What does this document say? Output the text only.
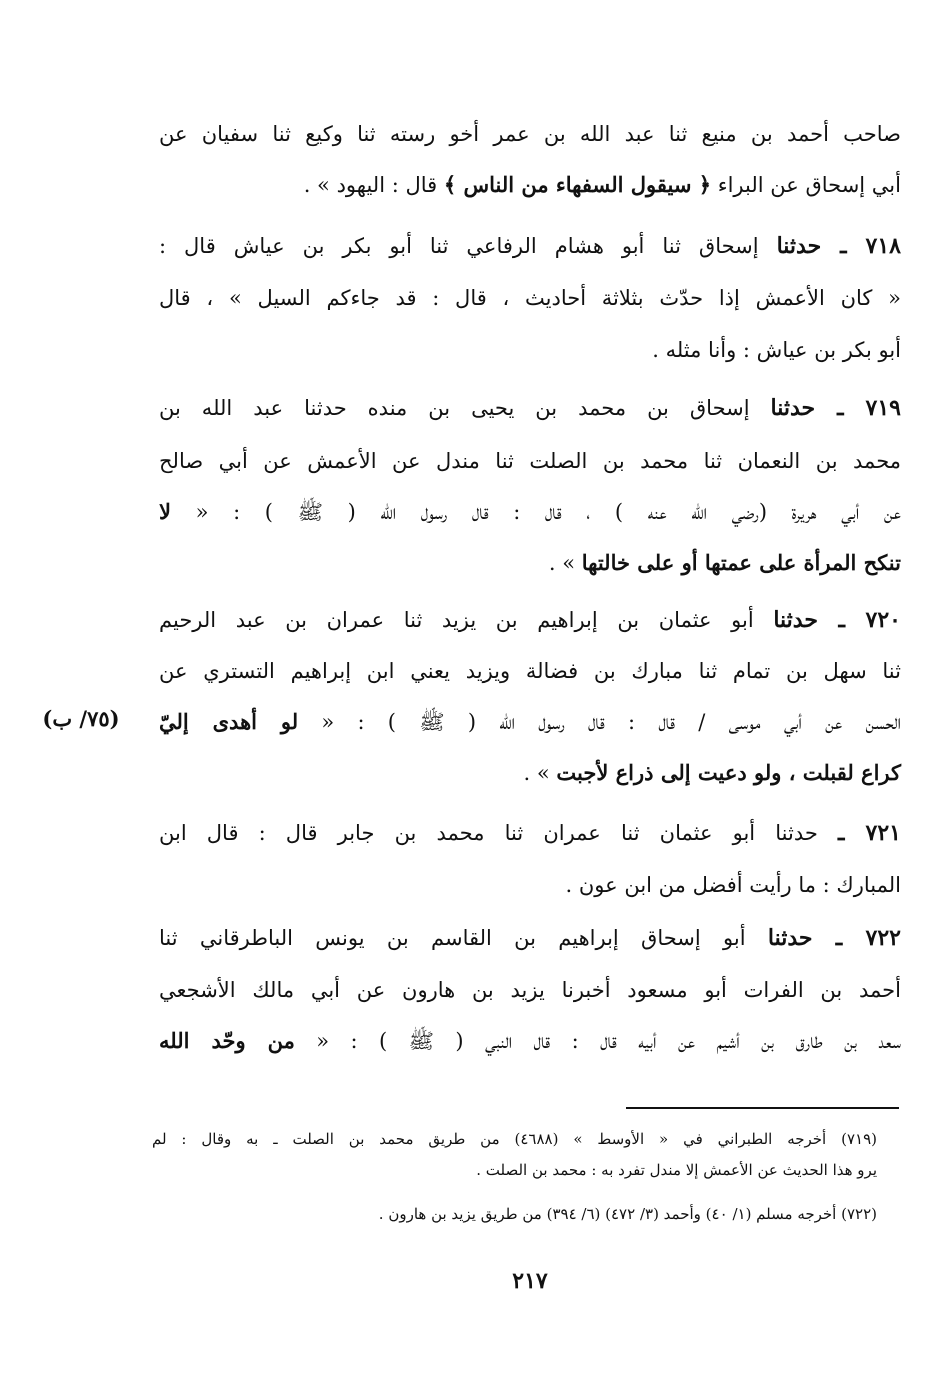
صاحب أحمد بن منيع ثنا عبد الله بن عمر أخو رسته ثنا وكيع ثنا سفيان عن
أبي إسحاق عن البراء ﴿ سيقول السفهاء من الناس ﴾ قال : اليهود » .
٧١٨ ـ حدثنا إسحاق ثنا أبو هشام الرفاعي ثنا أبو بكر بن عياش قال :
« كان الأعمش إذا حدّث بثلاثة أحاديث ، قال : قد جاءكم السيل » ، قال
أبو بكر بن عياش : وأنا مثله .
٧١٩ ـ حدثنا إسحاق بن محمد بن يحيى بن منده حدثنا عبد الله بن
محمد بن النعمان ثنا محمد بن الصلت ثنا مندل عن الأعمش عن أبي صالح
عن أبي هريرة (رضي الله عنه ) ، قال : قال رسول الله ( ﷺ ) : « لا
تنكح المرأة على عمتها أو على خالتها » .
٧٢٠ ـ حدثنا أبو عثمان بن إبراهيم بن يزيد ثنا عمران بن عبد الرحيم
ثنا سهل بن تمام ثنا مبارك بن فضالة ويزيد يعني ابن إبراهيم التستري عن
الحسن عن أبي موسى / قال : قال رسول الله ( ﷺ ) : « لو أهدى إليّ
كراع لقبلت ، ولو دعيت إلى ذراع لأجبت » .
٧٢١ ـ حدثنا أبو عثمان ثنا عمران ثنا محمد بن جابر قال : قال ابن
المبارك : ما رأيت أفضل من ابن عون .
٧٢٢ ـ حدثنا أبو إسحاق إبراهيم بن القاسم بن يونس الباطرقاني ثنا
أحمد بن الفرات أبو مسعود أخبرنا يزيد بن هارون عن أبي مالك الأشجعي
سعد بن طارق بن أشيم عن أبيه قال : قال النبي ( ﷺ ) : « من وحّد الله
(٧٥/ ب)
(٧١٩) أخرجه الطبراني في « الأوسط » (٤٦٨٨) من طريق محمد بن الصلت ـ به وقال : لم
يرو هذا الحديث عن الأعمش إلا مندل تفرد به : محمد بن الصلت .
(٧٢٢) أخرجه مسلم (١/ ٤٠) وأحمد (٣/ ٤٧٢) (٦/ ٣٩٤) من طريق يزيد بن هارون .
٢١٧
